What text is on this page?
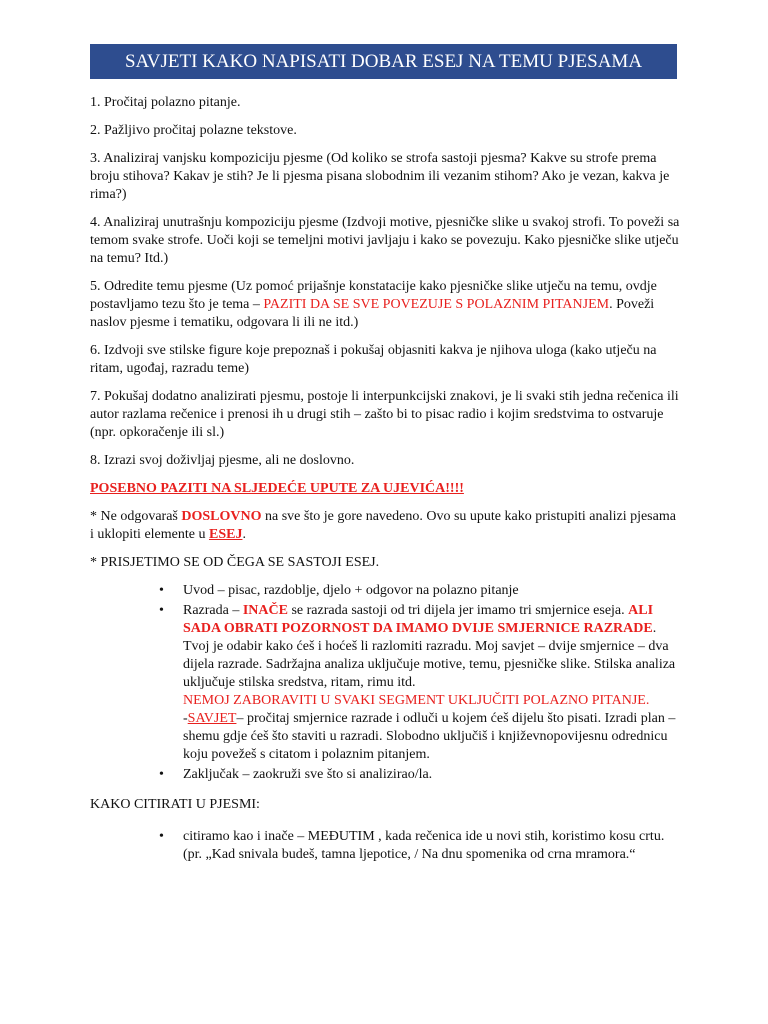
SAVJETI KAKO NAPISATI DOBAR ESEJ NA TEMU PJESAMA

1. Pročitaj polazno pitanje.

2. Pažljivo pročitaj polazne tekstove.

3. Analiziraj vanjsku kompoziciju pjesme (Od koliko se strofa sastoji pjesma? Kakve su strofe prema broju stihova? Kakav je stih? Je li pjesma pisana slobodnim ili vezanim stihom? Ako je vezan, kakva je rima?)

4. Analiziraj unutrašnju kompoziciju pjesme (Izdvoji motive, pjesničke slike u svakoj strofi. To poveži sa temom svake strofe. Uoči koji se temeljni motivi javljaju i kako se povezuju. Kako pjesničke slike utječu na temu? Itd.)

5. Odredite temu pjesme (Uz pomoć prijašnje konstatacije kako pjesničke slike utječu na temu, ovdje postavljamo tezu što je tema – PAZITI DA SE SVE POVEZUJE S POLAZNIM PITANJEM. Poveži naslov pjesme i tematiku, odgovara li ili ne itd.)

6. Izdvoji sve stilske figure koje prepoznaš i pokušaj objasniti kakva je njihova uloga (kako utječu na ritam, ugođaj, razradu teme)

7. Pokušaj dodatno analizirati pjesmu, postoje li interpunkcijski znakovi, je li svaki stih jedna rečenica ili autor razlama rečenice i prenosi ih u drugi stih – zašto bi to pisac radio i kojim sredstvima to ostvaruje (npr. opkoračenje ili sl.)

8. Izrazi svoj doživljaj pjesme, ali ne doslovno.

POSEBNO PAZITI NA SLJEDEĆE UPUTE ZA UJEVIĆA!!!!

* Ne odgovaraš DOSLOVNO na sve što je gore navedeno. Ovo su upute kako pristupiti analizi pjesama i uklopiti elemente u ESEJ.

* PRISJETIMO SE OD ČEGA SE SASTOJI ESEJ.

• Uvod – pisac, razdoblje, djelo + odgovor na polazno pitanje
• Razrada – INAČE se razrada sastoji od tri dijela jer imamo tri smjernice eseja. ALI SADA OBRATI POZORNOST DA IMAMO DVIJE SMJERNICE RAZRADE. Tvoj je odabir kako ćeš i hoćeš li razlomiti razradu. Moj savjet – dvije smjernice – dva dijela razrade. Sadržajna analiza uključuje motive, temu, pjesničke slike. Stilska analiza uključuje stilska sredstva, ritam, rimu itd.
NEMOJ ZABORAVITI U SVAKI SEGMENT UKLJUČITI POLAZNO PITANJE.
-SAVJET– pročitaj smjernice razrade i odluči u kojem ćeš dijelu što pisati. Izradi plan – shemu gdje ćeš što staviti u razradi. Slobodno uključiš i književnopovijesnu odrednicu koju povežeš s citatom i polaznim pitanjem.
• Zaključak – zaokruži sve što si analizirao/la.

KAKO CITIRATI U PJESMI:

• citiramo kao i inače – MEĐUTIM , kada rečenica ide u novi stih, koristimo kosu crtu. (pr. „Kad snivala budeš, tamna ljepotice, / Na dnu spomenika od crna mramora.“
